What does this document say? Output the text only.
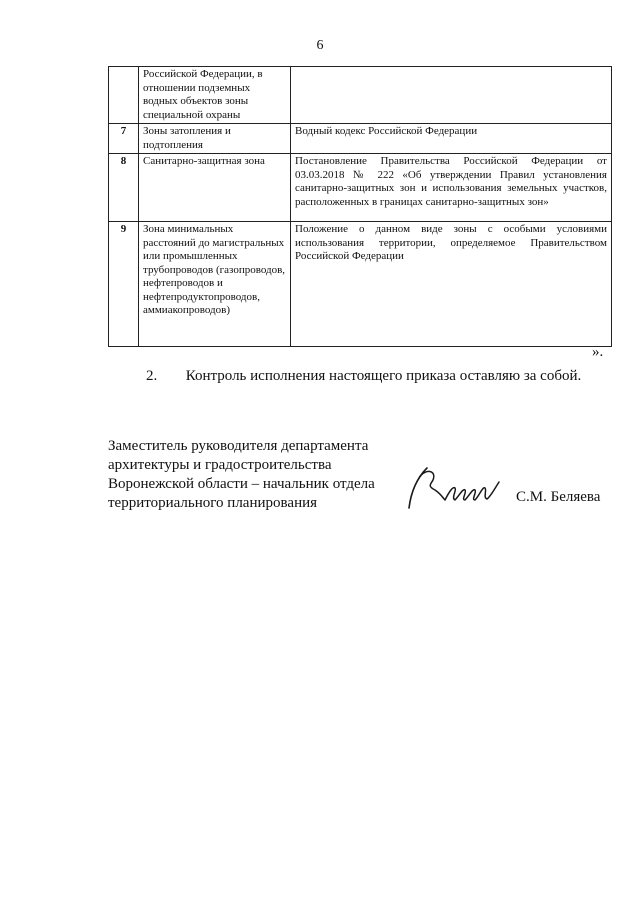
6
	Российской Федерации, в отношении подземных водных объектов зоны специальной охраны	
7	Зоны затопления и подтопления	Водный кодекс Российской Федерации
8	Санитарно-защитная зона	Постановление Правительства Российской Федерации от 03.03.2018 № 222 «Об утверждении Правил установления санитарно-защитных зон и использования земельных участков, расположенных в границах санитарно-защитных зон»
9	Зона минимальных расстояний до магистральных или промышленных трубопроводов (газопроводов, нефтепроводов и нефтепродуктопроводов, аммиакопроводов)	Положение о данном виде зоны с особыми условиями использования территории, определяемое Правительством Российской Федерации
».
2. Контроль исполнения настоящего приказа оставляю за собой.
Заместитель руководителя департамента
архитектуры и градостроительства
Воронежской области – начальник отдела
территориального планирования	С.М. Беляева
